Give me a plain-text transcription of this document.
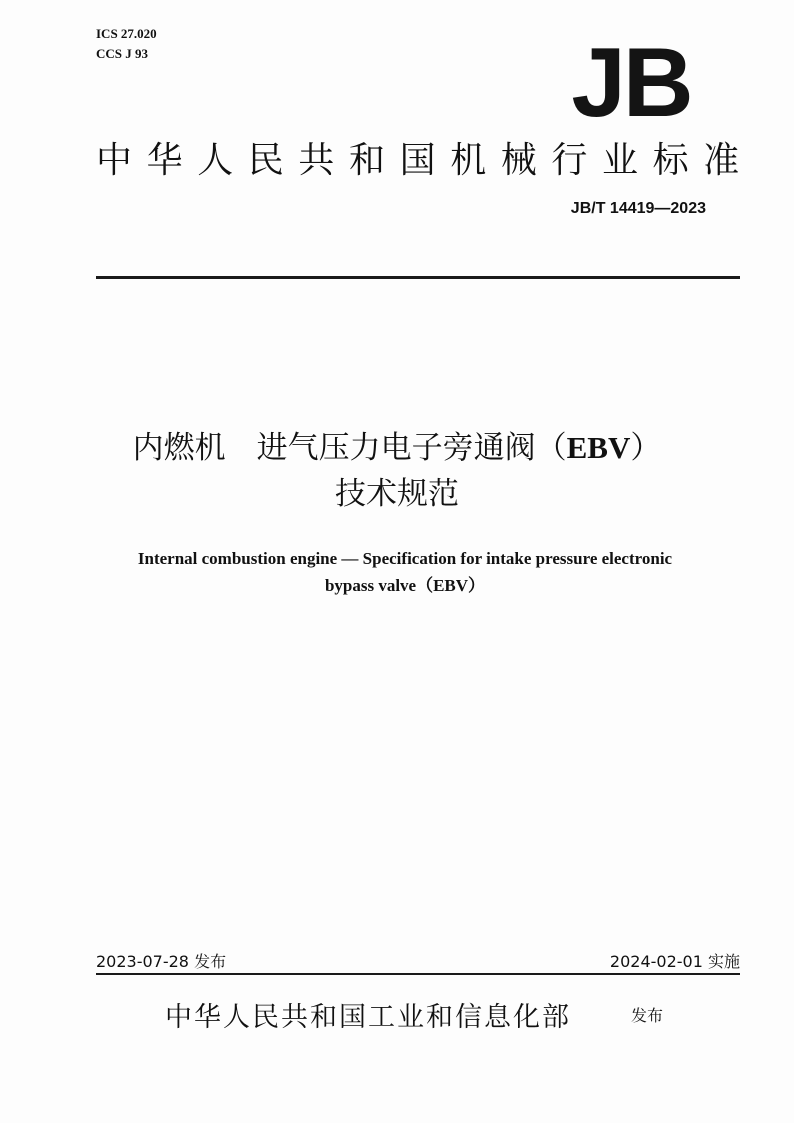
ICS 27.020
CCS J 93	JB
中华人民共和国机械行业标准
JB/T 14419—2023
内燃机　进气压力电子旁通阀（EBV）
技术规范
Internal combustion engine — Specification for intake pressure electronic
bypass valve（EBV）
2023-07-28 发布	2024-02-01 实施
中华人民共和国工业和信息化部	发布
